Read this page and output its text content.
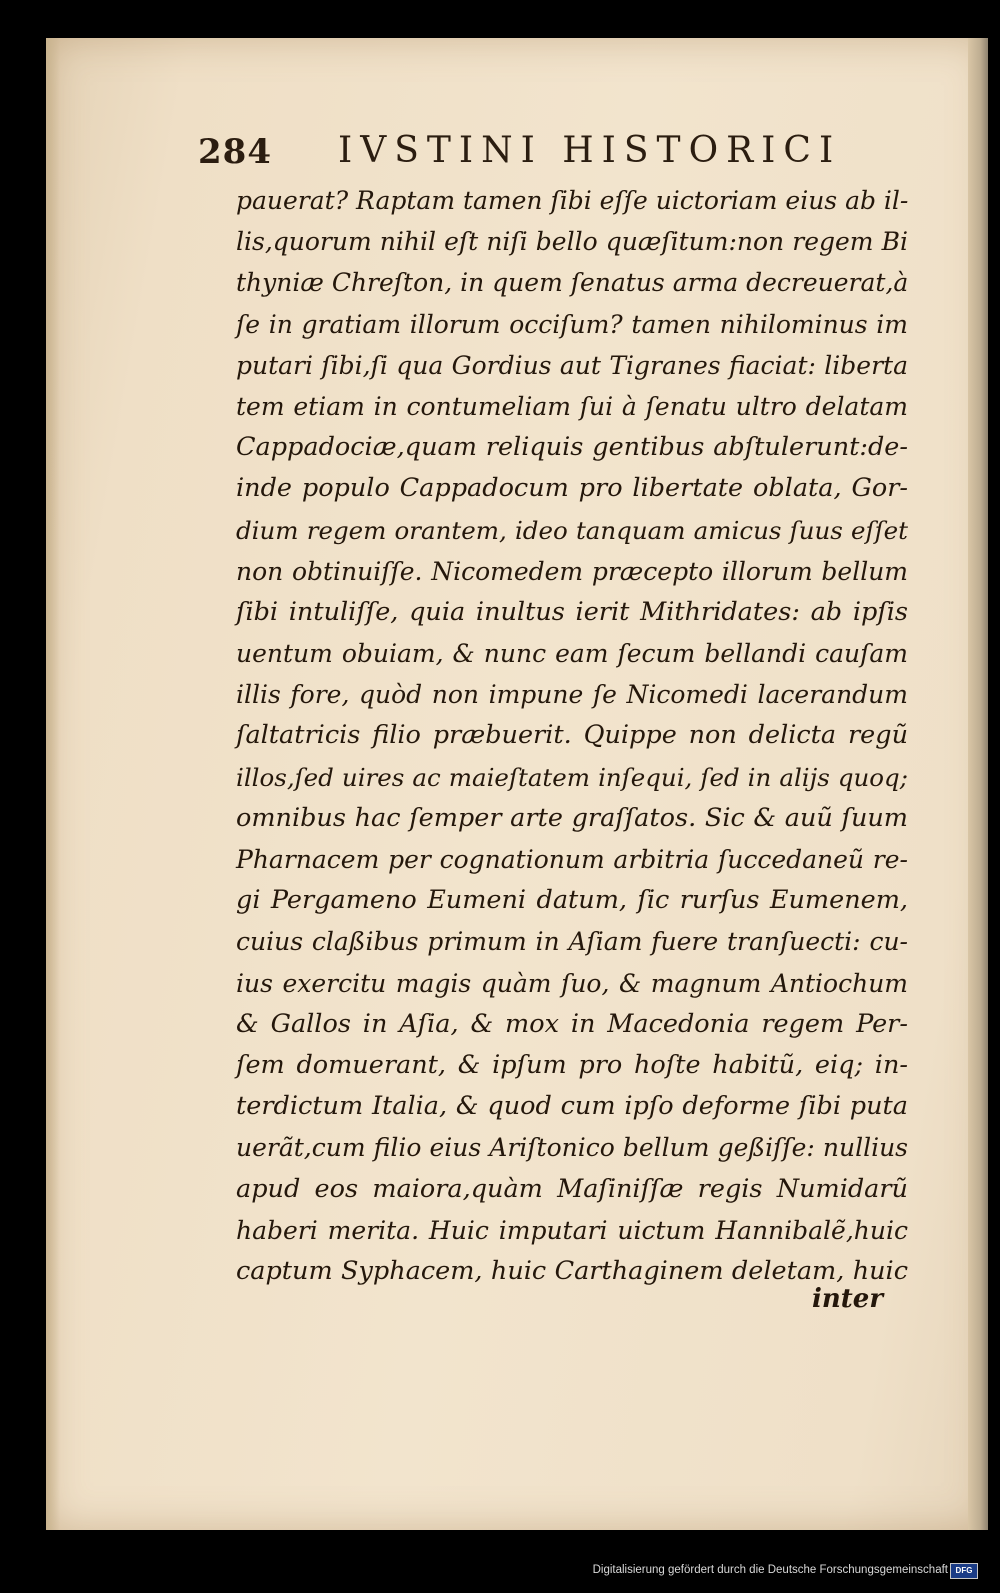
284 IVSTINI HISTORICI
pauerat? Raptam tamen ſibi eſſe uictoriam eius ab il-
lis,quorum nihil eſt niſi bello quæſitum:non regem Bi
thyniæ Chreſton, in quem ſenatus arma decreuerat,à
ſe in gratiam illorum occiſum? tamen nihilominus im
putari ſibi,ſi qua Gordius aut Tigranes fiaciat: liberta
tem etiam in contumeliam ſui à ſenatu ultro delatam
Cappadociæ,quam reliquis gentibus abſtulerunt:de-
inde populo Cappadocum pro libertate oblata, Gor-
dium regem orantem, ideo tanquam amicus ſuus eſſet
non obtinuiſſe. Nicomedem præcepto illorum bellum
ſibi intuliſſe, quia inultus ierit Mithridates: ab ipſis
uentum obuiam, & nunc eam ſecum bellandi cauſam
illis fore, quòd non impune ſe Nicomedi lacerandum
ſaltatricis filio præbuerit. Quippe non delicta regũ
illos,ſed uires ac maieſtatem inſequi, ſed in alijs quoq;
omnibus hac ſemper arte graſſatos. Sic & auũ ſuum
Pharnacem per cognationum arbitria ſuccedaneũ re-
gi Pergameno Eumeni datum, ſic rurſus Eumenem,
cuius claßibus primum in Aſiam fuere tranſuecti: cu-
ius exercitu magis quàm ſuo, & magnum Antiochum
& Gallos in Aſia, & mox in Macedonia regem Per-
ſem domuerant, & ipſum pro hoſte habitũ, eiq; in-
terdictum Italia, & quod cum ipſo deforme ſibi puta
uerãt,cum filio eius Ariſtonico bellum geßiſſe: nullius
apud eos maiora,quàm Maſiniſſæ regis Numidarũ
haberi merita. Huic imputari uictum Hannibalẽ,huic
captum Syphacem, huic Carthaginem deletam, huic
inter
Digitalisierung gefördert durch die Deutsche Forschungsgemeinschaft DFG
